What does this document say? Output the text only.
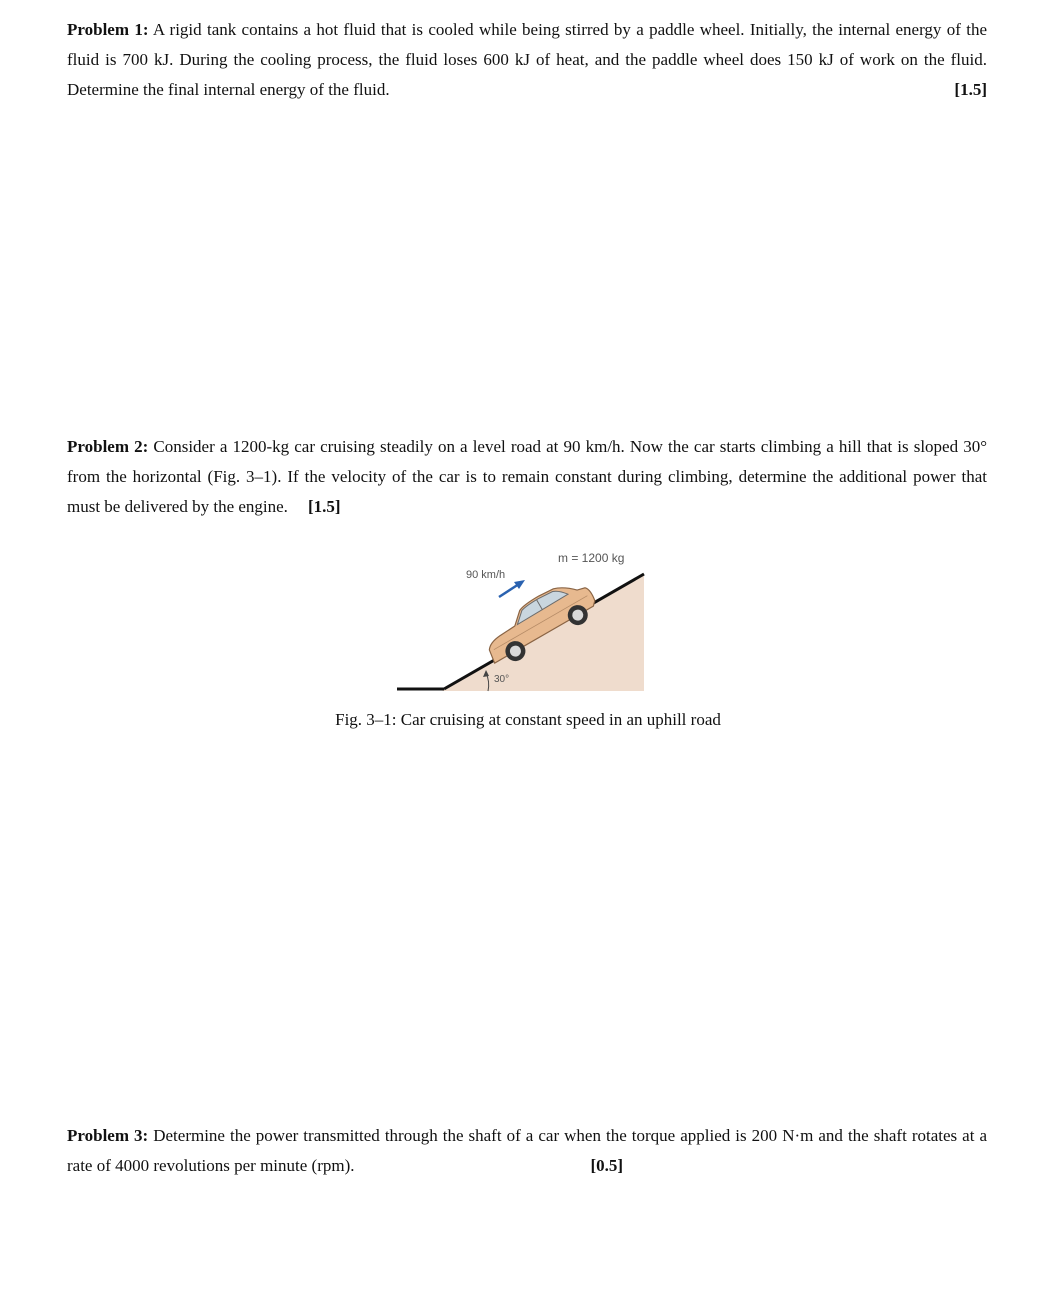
Problem 1: A rigid tank contains a hot fluid that is cooled while being stirred by a paddle wheel. Initially, the internal energy of the fluid is 700 kJ. During the cooling process, the fluid loses 600 kJ of heat, and the paddle wheel does 150 kJ of work on the fluid. Determine the final internal energy of the fluid.	[1.5]
Problem 2: Consider a 1200-kg car cruising steadily on a level road at 90 km/h. Now the car starts climbing a hill that is sloped 30° from the horizontal (Fig. 3–1). If the velocity of the car is to remain constant during climbing, determine the additional power that must be delivered by the engine. [1.5]
m = 1200 kg
90 km/h
30°
Fig. 3–1: Car cruising at constant speed in an uphill road
Problem 3: Determine the power transmitted through the shaft of a car when the torque applied is 200 N·m and the shaft rotates at a rate of 4000 revolutions per minute (rpm).	[0.5]
